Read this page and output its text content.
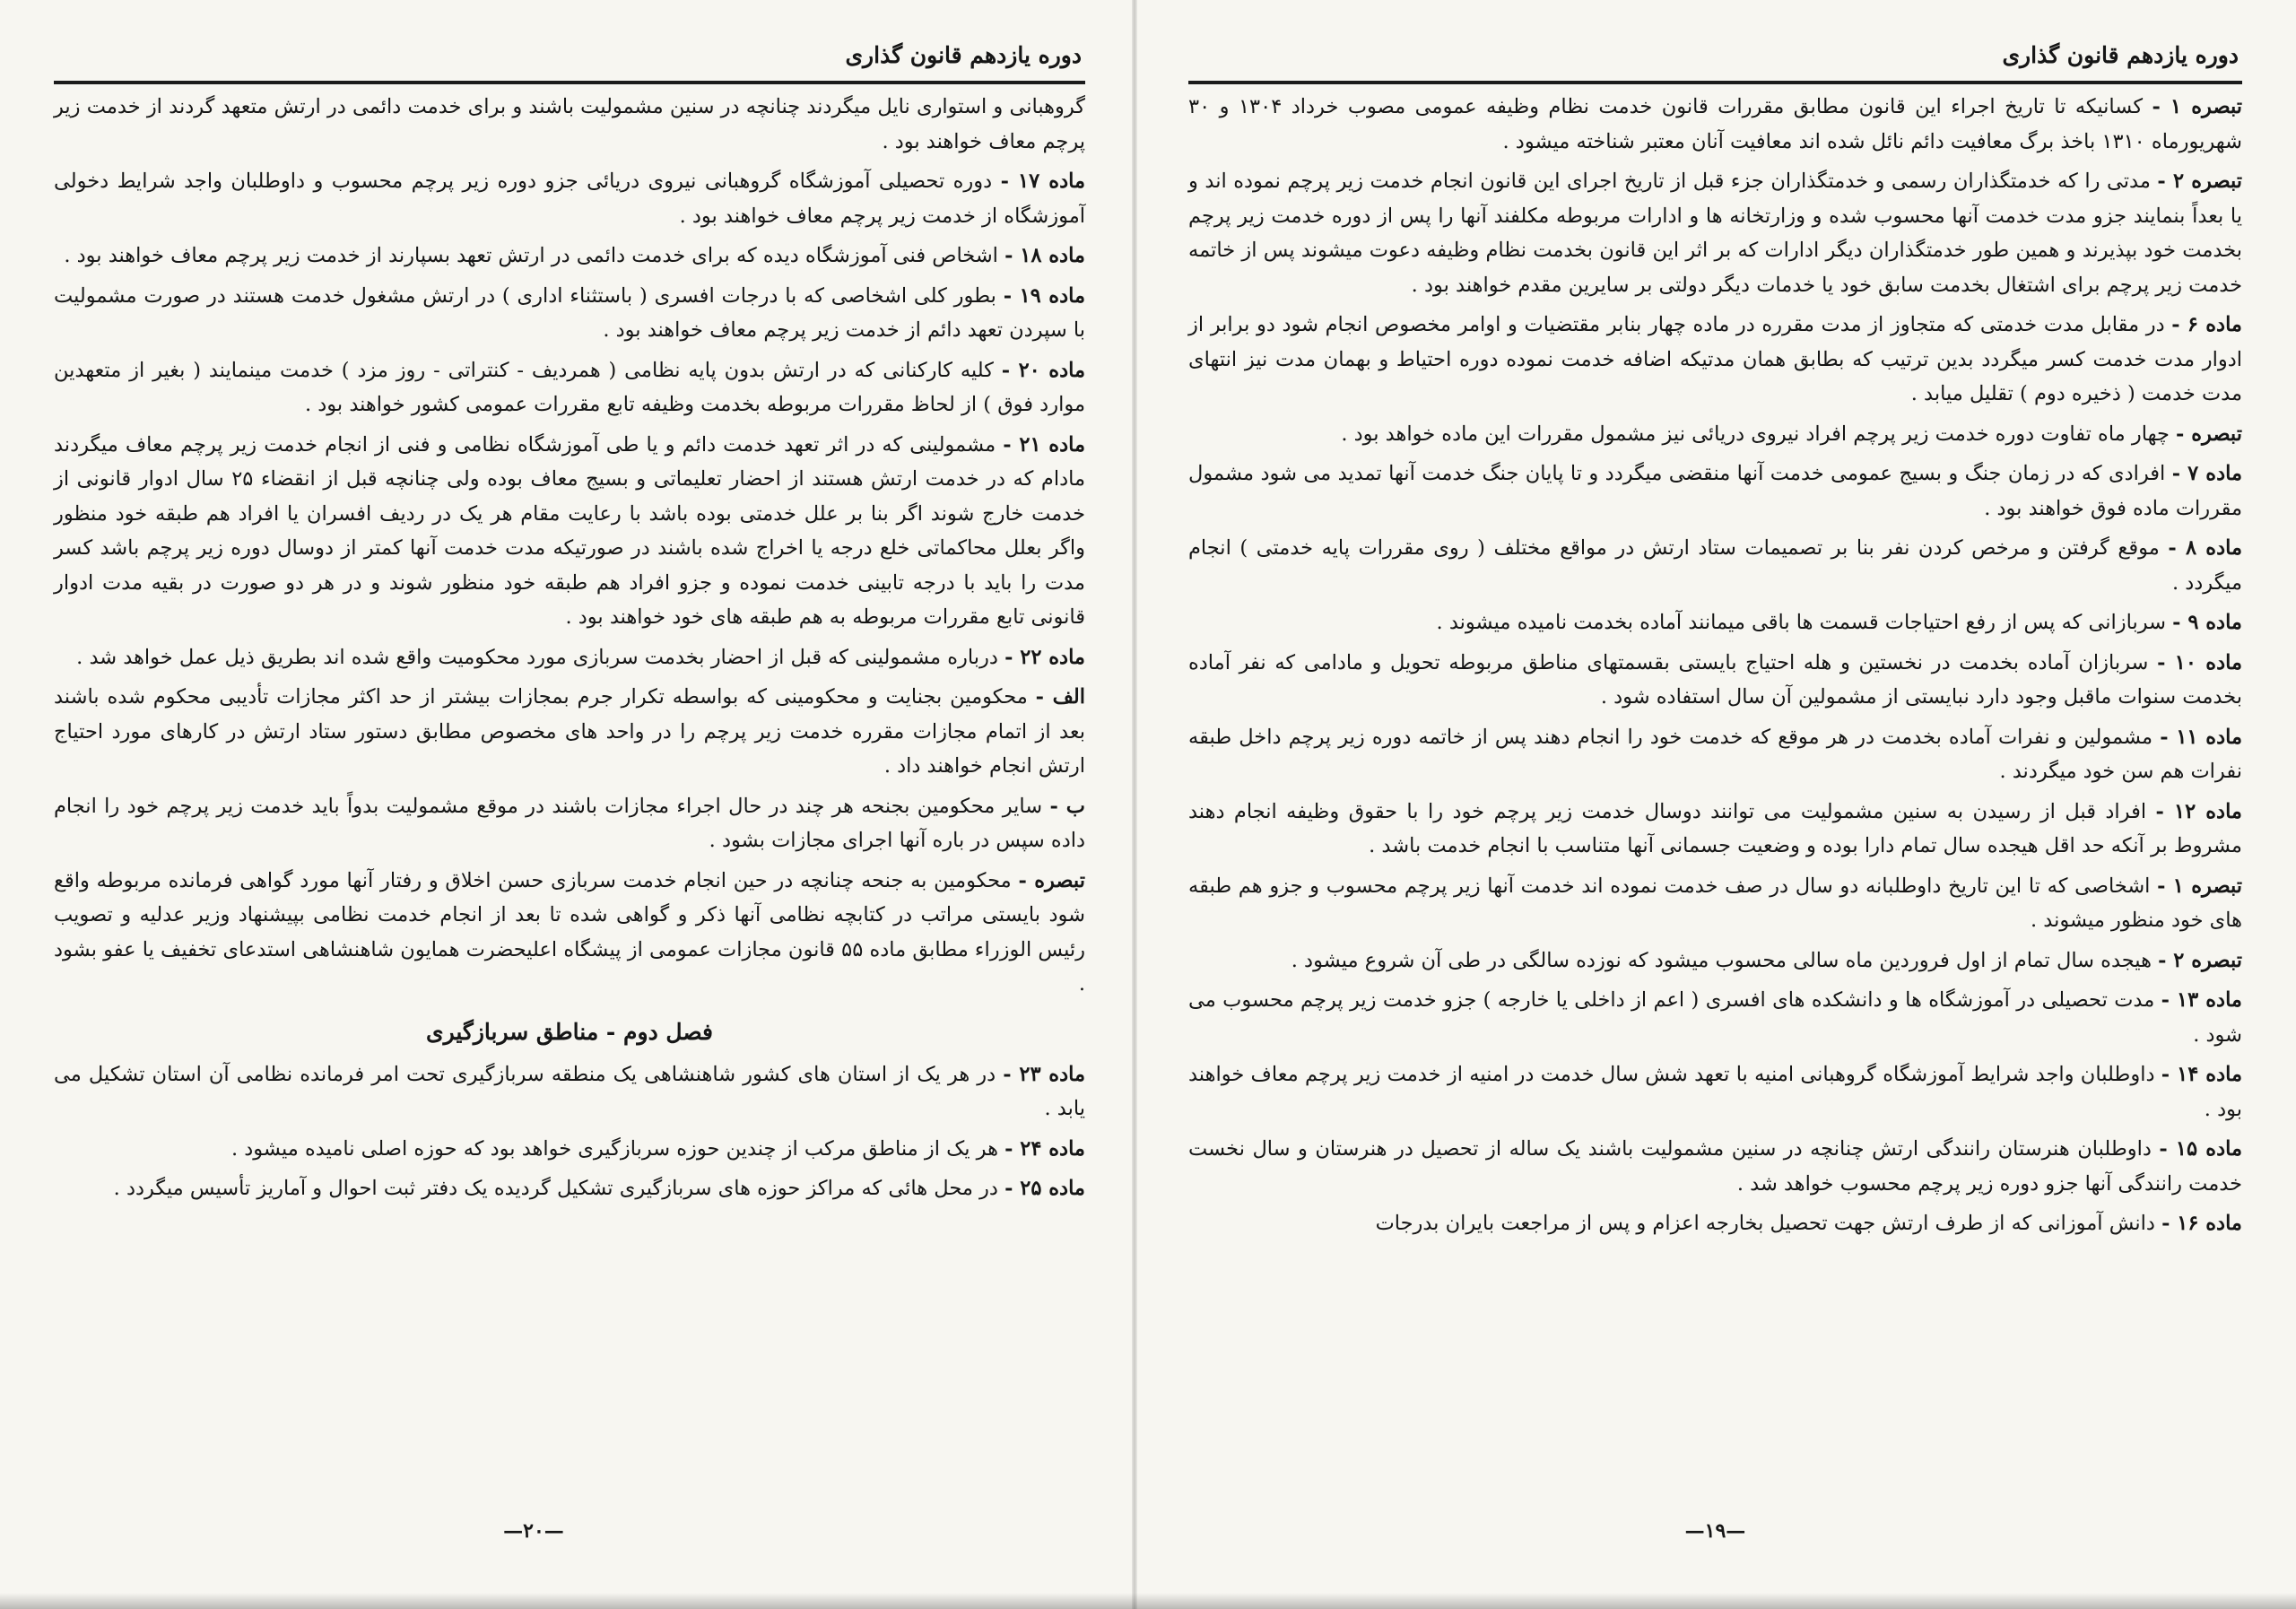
دوره یازدهم قانون گذاری

گروهبانی و استواری نایل میگردند چنانچه در سنین مشمولیت باشند و برای خدمت دائمی در ارتش متعهد گردند از خدمت زیر پرچم معاف خواهند بود .

ماده ۱۷ - دوره تحصیلی آموزشگاه گروهبانی نیروی دریائی جزو دوره زیر پرچم محسوب و داوطلبان واجد شرایط دخولی آموزشگاه از خدمت زیر پرچم معاف خواهند بود .

ماده ۱۸ - اشخاص فنی آموزشگاه دیده که برای خدمت دائمی در ارتش تعهد بسپارند از خدمت زیر پرچم معاف خواهند بود .

ماده ۱۹ - بطور کلی اشخاصی که با درجات افسری ( باستثناء اداری ) در ارتش مشغول خدمت هستند در صورت مشمولیت با سپردن تعهد دائم از خدمت زیر پرچم معاف خواهند بود .

ماده ۲۰ - کلیه کارکنانی که در ارتش بدون پایه نظامی ( همردیف - کنتراتی - روز مزد ) خدمت مینمایند ( بغیر از متعهدین موارد فوق ) از لحاظ مقررات مربوطه بخدمت وظیفه تابع مقررات عمومی کشور خواهند بود .

ماده ۲۱ - مشمولینی که در اثر تعهد خدمت دائم و یا طی آموزشگاه نظامی و فنی از انجام خدمت زیر پرچم معاف میگردند مادام که در خدمت ارتش هستند از احضار تعلیماتی و بسیج معاف بوده ولی چنانچه قبل از انقضاء ۲۵ سال ادوار قانونی از خدمت خارج شوند اگر بنا بر علل خدمتی بوده باشد با رعایت مقام هر یک در ردیف افسران یا افراد هم طبقه خود منظور واگر بعلل محاکماتی خلع درجه یا اخراج شده باشند در صورتیکه مدت خدمت آنها کمتر از دوسال دوره زیر پرچم باشد کسر مدت را باید با درجه تابینی خدمت نموده و جزو افراد هم طبقه خود منظور شوند و در هر دو صورت در بقیه مدت ادوار قانونی تابع مقررات مربوطه به هم طبقه های خود خواهند بود .

ماده ۲۲ - درباره مشمولینی که قبل از احضار بخدمت سربازی مورد محکومیت واقع شده اند بطریق ذیل عمل خواهد شد .

الف - محکومین بجنایت و محکومینی که بواسطه تکرار جرم بمجازات بیشتر از حد اکثر مجازات تأدیبی محکوم شده باشند بعد از اتمام مجازات مقرره خدمت زیر پرچم را در واحد های مخصوص مطابق دستور ستاد ارتش در کارهای مورد احتیاج ارتش انجام خواهند داد .

ب - سایر محکومین بجنحه هر چند در حال اجراء مجازات باشند در موقع مشمولیت بدواً باید خدمت زیر پرچم خود را انجام داده سپس در باره آنها اجرای مجازات بشود .

تبصره - محکومین به جنحه چنانچه در حین انجام خدمت سربازی حسن اخلاق و رفتار آنها مورد گواهی فرمانده مربوطه واقع شود بایستی مراتب در کتابچه نظامی آنها ذکر و گواهی شده تا بعد از انجام خدمت نظامی بپیشنهاد وزیر عدلیه و تصویب رئیس الوزراء مطابق ماده ۵۵ قانون مجازات عمومی از پیشگاه اعلیحضرت همایون شاهنشاهی استدعای تخفیف یا عفو بشود .

فصل دوم - مناطق سربازگیری

ماده ۲۳ - در هر یک از استان های کشور شاهنشاهی یک منطقه سربازگیری تحت امر فرمانده نظامی آن استان تشکیل می یابد .

ماده ۲۴ - هر یک از مناطق مرکب از چندین حوزه سربازگیری خواهد بود که حوزه اصلی نامیده میشود .

ماده ۲۵ - در محل هائی که مراکز حوزه های سربازگیری تشکیل گردیده یک دفتر ثبت احوال و آماریز تأسیس میگردد .

—۲۰—
دوره یازدهم قانون گذاری

تبصره ۱ - کسانیکه تا تاریخ اجراء این قانون مطابق مقررات قانون خدمت نظام وظیفه عمومی مصوب خرداد ۱۳۰۴ و ۳۰ شهریورماه ۱۳۱۰ باخذ برگ معافیت دائم نائل شده اند معافیت آنان معتبر شناخته میشود .

تبصره ۲ - مدتی را که خدمتگذاران رسمی و خدمتگذاران جزء قبل از تاریخ اجرای این قانون انجام خدمت زیر پرچم نموده اند و یا بعداً بنمایند جزو مدت خدمت آنها محسوب شده و وزارتخانه ها و ادارات مربوطه مکلفند آنها را پس از دوره خدمت زیر پرچم بخدمت خود بپذیرند و همین طور خدمتگذاران دیگر ادارات که بر اثر این قانون بخدمت نظام وظیفه دعوت میشوند پس از خاتمه خدمت زیر پرچم برای اشتغال بخدمت سابق خود یا خدمات دیگر دولتی بر سایرین مقدم خواهند بود .

ماده ۶ - در مقابل مدت خدمتی که متجاوز از مدت مقرره در ماده چهار بنابر مقتضیات و اوامر مخصوص انجام شود دو برابر از ادوار مدت خدمت کسر میگردد بدین ترتیب که بطابق همان مدتیکه اضافه خدمت نموده دوره احتیاط و بهمان مدت نیز انتهای مدت خدمت ( ذخیره دوم ) تقلیل میابد .

تبصره - چهار ماه تفاوت دوره خدمت زیر پرچم افراد نیروی دریائی نیز مشمول مقررات این ماده خواهد بود .

ماده ۷ - افرادی که در زمان جنگ و بسیج عمومی خدمت آنها منقضی میگردد و تا پایان جنگ خدمت آنها تمدید می شود مشمول مقررات ماده فوق خواهند بود .

ماده ۸ - موقع گرفتن و مرخص کردن نفر بنا بر تصمیمات ستاد ارتش در مواقع مختلف ( روی مقررات پایه خدمتی ) انجام میگردد .

ماده ۹ - سربازانی که پس از رفع احتیاجات قسمت ها باقی میمانند آماده بخدمت نامیده میشوند .

ماده ۱۰ - سربازان آماده بخدمت در نخستین و هله احتیاج بایستی بقسمتهای مناطق مربوطه تحویل و مادامی که نفر آماده بخدمت سنوات ماقبل وجود دارد نبایستی از مشمولین آن سال استفاده شود .

ماده ۱۱ - مشمولین و نفرات آماده بخدمت در هر موقع که خدمت خود را انجام دهند پس از خاتمه دوره زیر پرچم داخل طبقه نفرات هم سن خود میگردند .

ماده ۱۲ - افراد قبل از رسیدن به سنین مشمولیت می توانند دوسال خدمت زیر پرچم خود را با حقوق وظیفه انجام دهند مشروط بر آنکه حد اقل هیجده سال تمام دارا بوده و وضعیت جسمانی آنها متناسب با انجام خدمت باشد .

تبصره ۱ - اشخاصی که تا این تاریخ داوطلبانه دو سال در صف خدمت نموده اند خدمت آنها زیر پرچم محسوب و جزو هم طبقه های خود منظور میشوند .

تبصره ۲ - هیجده سال تمام از اول فروردین ماه سالی محسوب میشود که نوزده سالگی در طی آن شروع میشود .

ماده ۱۳ - مدت تحصیلی در آموزشگاه ها و دانشکده های افسری ( اعم از داخلی یا خارجه ) جزو خدمت زیر پرچم محسوب می شود .

ماده ۱۴ - داوطلبان واجد شرایط آموزشگاه گروهبانی امنیه با تعهد شش سال خدمت در امنیه از خدمت زیر پرچم معاف خواهند بود .

ماده ۱۵ - داوطلبان هنرستان رانندگی ارتش چنانچه در سنین مشمولیت باشند یک ساله از تحصیل در هنرستان و سال نخست خدمت رانندگی آنها جزو دوره زیر پرچم محسوب خواهد شد .

ماده ۱۶ - دانش آموزانی که از طرف ارتش جهت تحصیل بخارجه اعزام و پس از مراجعت بایران بدرجات

—۱۹—
